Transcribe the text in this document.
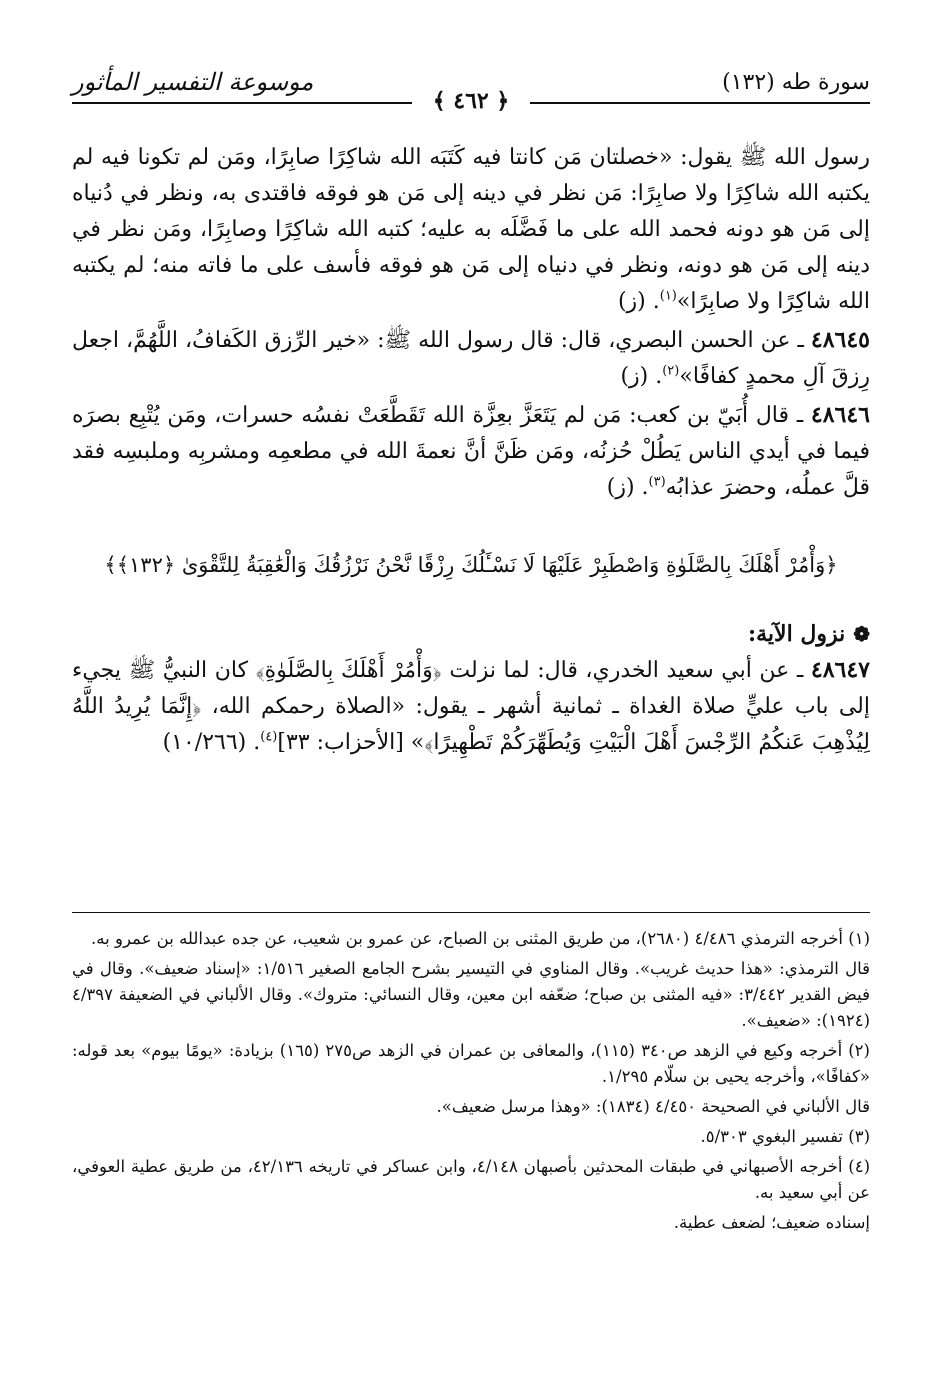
سورة طه (١٣٢)
موسوعة التفسير المأثور
﴿ ٤٦٢ ﴾

رسول الله ﷺ يقول: «خصلتان مَن كانتا فيه كَتَبَه الله شاكِرًا صابِرًا، ومَن لم تكونا فيه لم يكتبه الله شاكِرًا ولا صابِرًا: مَن نظر في دينه إلى مَن هو فوقه فاقتدى به، ونظر في دُنياه إلى مَن هو دونه فحمد الله على ما فَضَّلَه به عليه؛ كتبه الله شاكِرًا وصابِرًا، ومَن نظر في دينه إلى مَن هو دونه، ونظر في دنياه إلى مَن هو فوقه فأسف على ما فاته منه؛ لم يكتبه الله شاكِرًا ولا صابِرًا»$^{(١)}$. (ز)

٤٨٦٤٥ ـ عن الحسن البصري، قال: قال رسول الله ﷺ: «خير الرِّزق الكَفافُ، اللَّهُمَّ، اجعل رِزقَ آلِ محمدٍ كفافًا»$^{(٢)}$. (ز)

٤٨٦٤٦ ـ قال أُبَيّ بن كعب: مَن لم يَتَعَزَّ بعِزَّة الله تَقَطَّعَتْ نفسُه حسرات، ومَن يُتْبِع بصرَه فيما في أيدي الناس يَطُلْ حُزنُه، ومَن ظَنَّ أنَّ نعمةَ الله في مطعمِه ومشربِه وملبسِه فقد قلَّ عملُه، وحضرَ عذابُه$^{(٣)}$. (ز)

﴿وَأْمُرْ أَهْلَكَ بِالصَّلَوٰةِ وَاصْطَبِرْ عَلَيْهَا لَا نَسْـَٔلُكَ رِزْقًا نَّحْنُ نَرْزُقُكَ وَالْعَٰقِبَةُ لِلتَّقْوَىٰ ﴿١٣٢﴾﴾
❁نزول الآية:

٤٨٦٤٧ ـ عن أبي سعيد الخدري، قال: لما نزلت ﴿وَأْمُرْ أَهْلَكَ بِالصَّلَوٰةِ﴾ كان النبيُّ ﷺ يجيء إلى باب عليٍّ صلاة الغداة ـ ثمانية أشهر ـ يقول: «الصلاة رحمكم الله، ﴿إِنَّمَا يُرِيدُ اللَّهُ لِيُذْهِبَ عَنكُمُ الرِّجْسَ أَهْلَ الْبَيْتِ وَيُطَهِّرَكُمْ تَطْهِيرًا﴾» [الأحزاب: ٣٣]$^{(٤)}$. (١٠/٢٦٦)

(١) أخرجه الترمذي ٤/٤٨٦ (٢٦٨٠)، من طريق المثنى بن الصباح، عن عمرو بن شعيب، عن جده عبدالله بن عمرو به.

قال الترمذي: «هذا حديث غريب». وقال المناوي في التيسير بشرح الجامع الصغير ١/٥١٦: «إسناد ضعيف». وقال في فيض القدير ٣/٤٤٢: «فيه المثنى بن صباح؛ ضعّفه ابن معين، وقال النسائي: متروك». وقال الألباني في الضعيفة ٤/٣٩٧ (١٩٢٤): «ضعيف».

(٢) أخرجه وكيع في الزهد ص٣٤٠ (١١٥)، والمعافى بن عمران في الزهد ص٢٧٥ (١٦٥) بزيادة: «يومًا بيوم» بعد قوله: «كفافًا»، وأخرجه يحيى بن سلّام ١/٢٩٥.

قال الألباني في الصحيحة ٤/٤٥٠ (١٨٣٤): «وهذا مرسل ضعيف».

(٣) تفسير البغوي ٥/٣٠٣.

(٤) أخرجه الأصبهاني في طبقات المحدثين بأصبهان ٤/١٤٨، وابن عساكر في تاريخه ٤٢/١٣٦، من طريق عطية العوفي، عن أبي سعيد به.

إسناده ضعيف؛ لضعف عطية.
